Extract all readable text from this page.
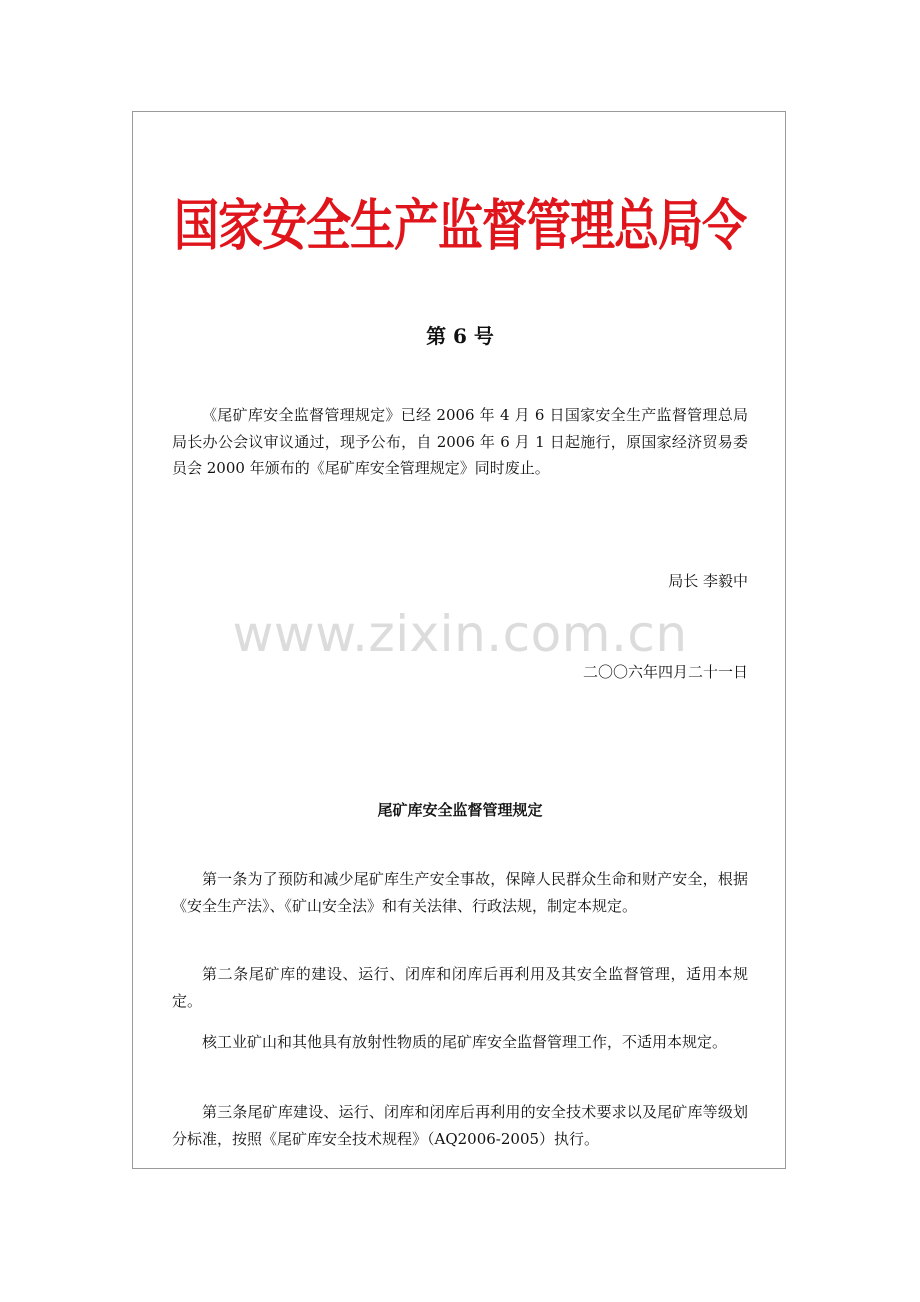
国家安全生产监督管理总局令
第 6 号

《尾矿库安全监督管理规定》已经 2006 年 4 月 6 日国家安全生产监督管理总局局长办公会议审议通过，现予公布，自 2006 年 6 月 1 日起施行，原国家经济贸易委员会 2000 年颁布的《尾矿库安全管理规定》同时废止。

局长 李毅中
www.zixin.com.cn
二〇〇六年四月二十一日
尾矿库安全监督管理规定

第一条为了预防和减少尾矿库生产安全事故，保障人民群众生命和财产安全，根据《安全生产法》、《矿山安全法》和有关法律、行政法规，制定本规定。

第二条尾矿库的建设、运行、闭库和闭库后再利用及其安全监督管理，适用本规定。

核工业矿山和其他具有放射性物质的尾矿库安全监督管理工作，不适用本规定。

第三条尾矿库建设、运行、闭库和闭库后再利用的安全技术要求以及尾矿库等级划分标准，按照《尾矿库安全技术规程》（AQ2006-2005）执行。
